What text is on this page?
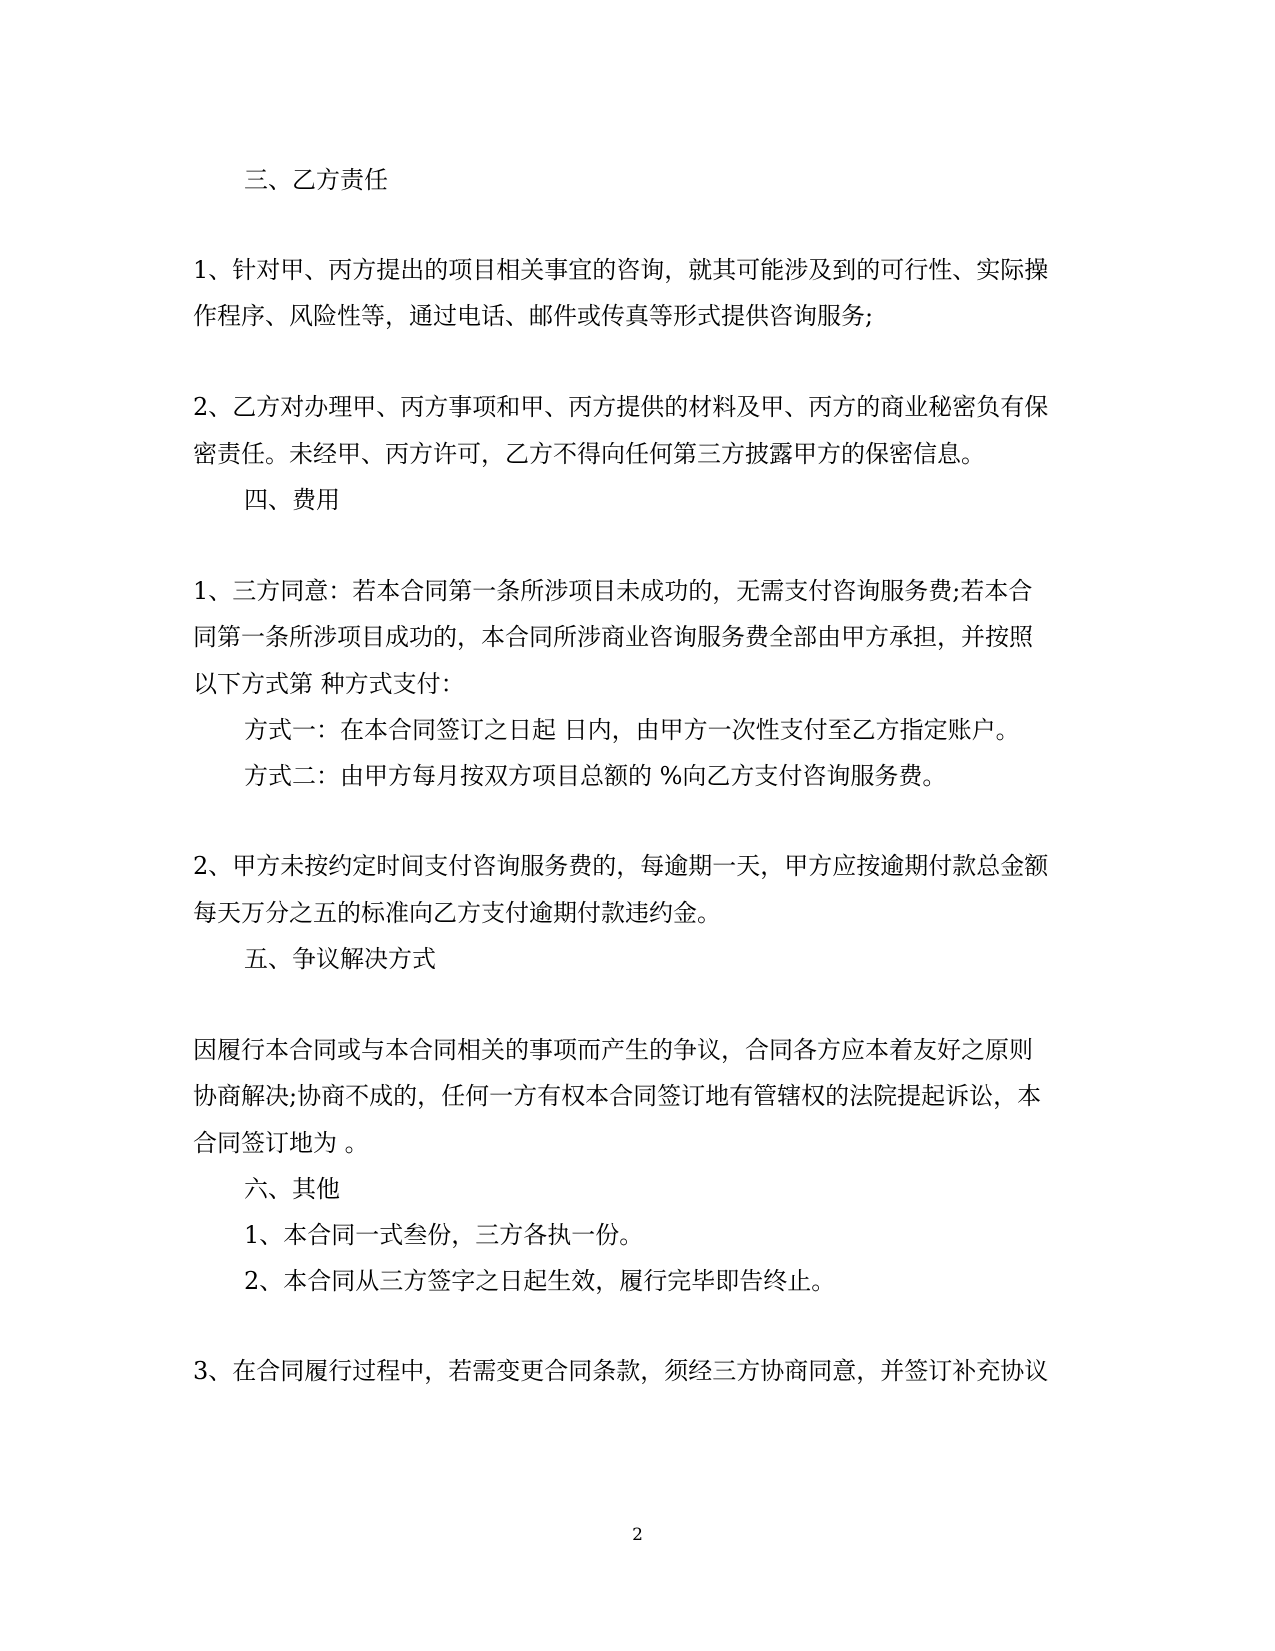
三、乙方责任
1、针对甲、丙方提出的项目相关事宜的咨询，就其可能涉及到的可行性、实际操
作程序、风险性等，通过电话、邮件或传真等形式提供咨询服务;
2、乙方对办理甲、丙方事项和甲、丙方提供的材料及甲、丙方的商业秘密负有保
密责任。未经甲、丙方许可，乙方不得向任何第三方披露甲方的保密信息。
四、费用
1、三方同意：若本合同第一条所涉项目未成功的，无需支付咨询服务费;若本合
同第一条所涉项目成功的，本合同所涉商业咨询服务费全部由甲方承担，并按照
以下方式第 种方式支付：
方式一：在本合同签订之日起 日内，由甲方一次性支付至乙方指定账户。
方式二：由甲方每月按双方项目总额的 %向乙方支付咨询服务费。
2、甲方未按约定时间支付咨询服务费的，每逾期一天，甲方应按逾期付款总金额
每天万分之五的标准向乙方支付逾期付款违约金。
五、争议解决方式
因履行本合同或与本合同相关的事项而产生的争议，合同各方应本着友好之原则
协商解决;协商不成的，任何一方有权本合同签订地有管辖权的法院提起诉讼，本
合同签订地为 。
六、其他
1、本合同一式叁份，三方各执一份。
2、本合同从三方签字之日起生效，履行完毕即告终止。
3、在合同履行过程中，若需变更合同条款，须经三方协商同意，并签订补充协议
2
